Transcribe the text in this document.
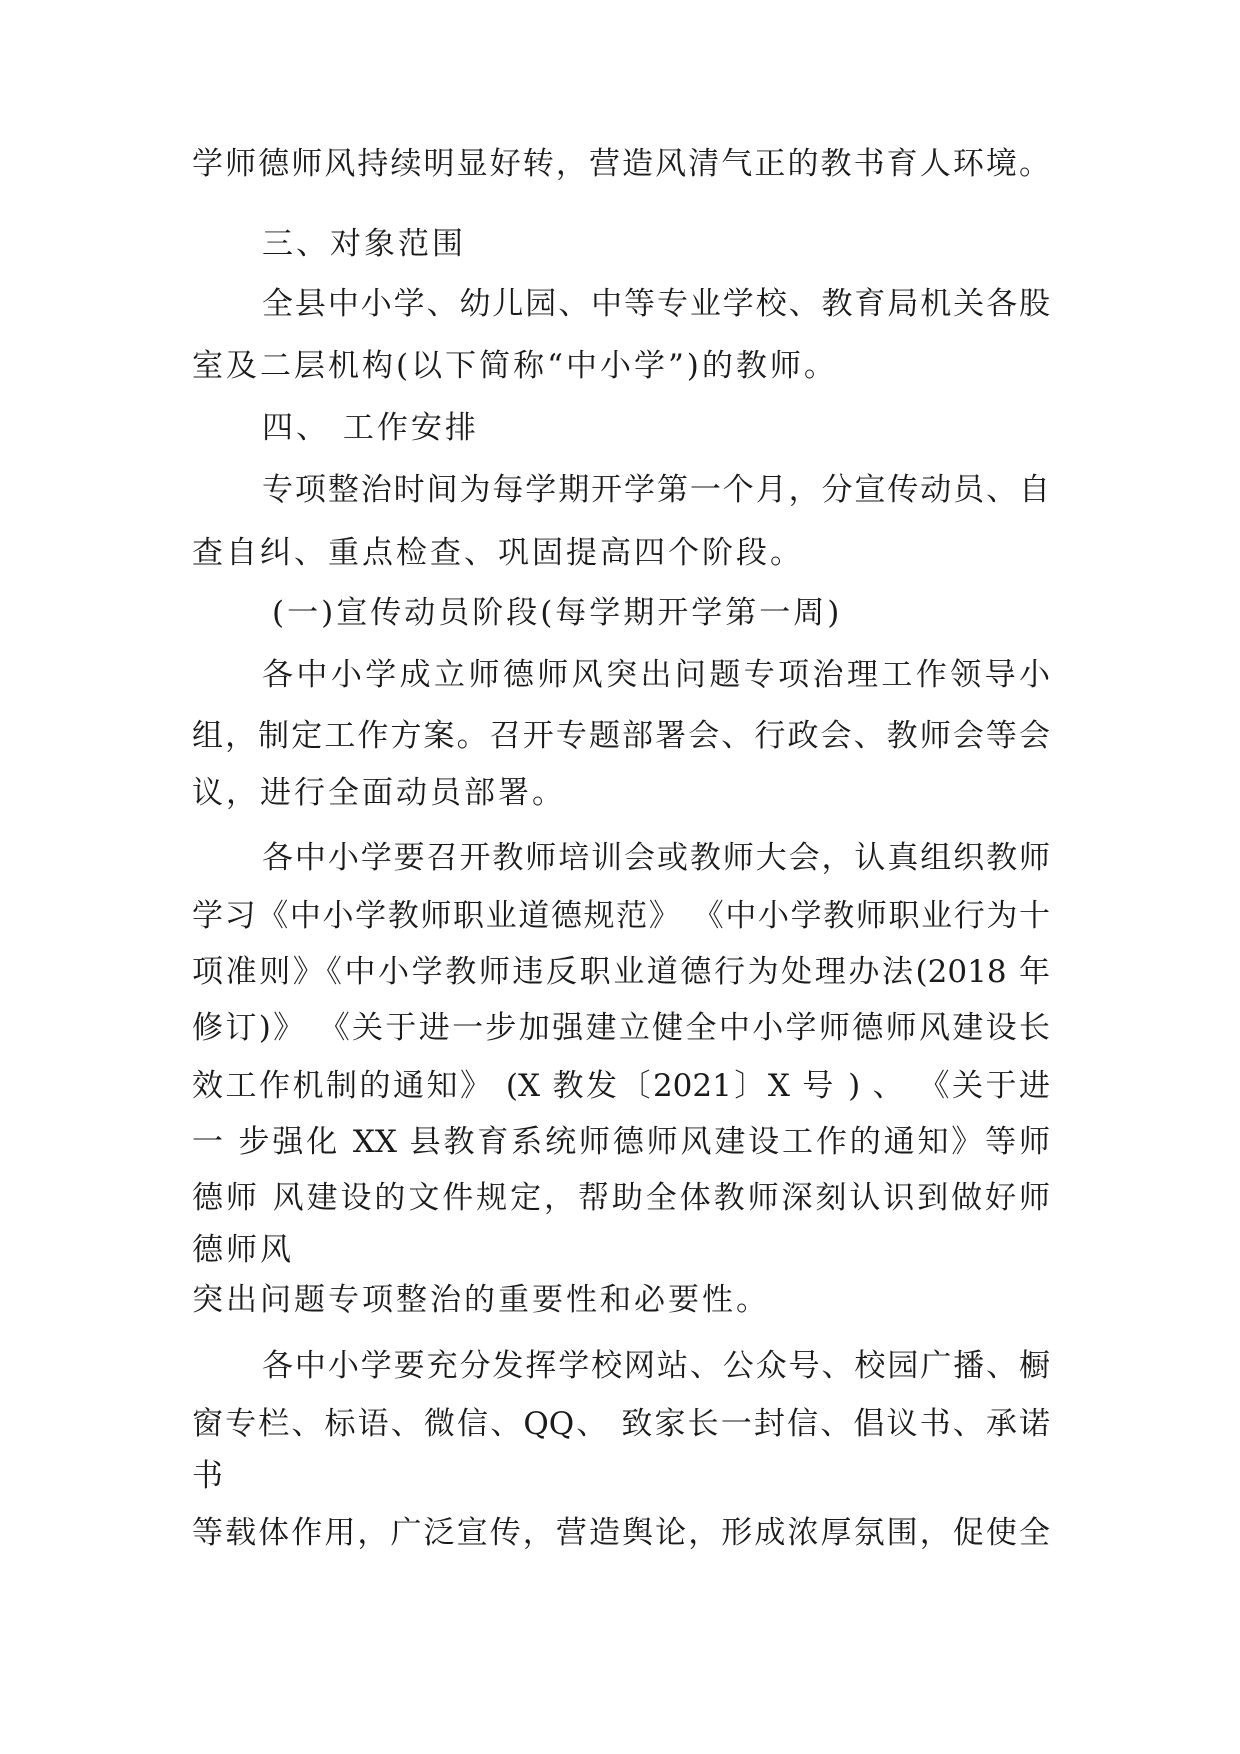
学师德师风持续明显好转，营造风清气正的教书育人环境。
三、对象范围
全县中小学、幼儿园、中等专业学校、教育局机关各股
室及二层机构(以下简称“中小学”)的教师。
四、 工作安排
专项整治时间为每学期开学第一个月，分宣传动员、自
查自纠、重点检查、巩固提高四个阶段。
(一)宣传动员阶段(每学期开学第一周)
各中小学成立师德师风突出问题专项治理工作领导小
组，制定工作方案。召开专题部署会、行政会、教师会等会
议，进行全面动员部署。
各中小学要召开教师培训会或教师大会，认真组织教师
学习《中小学教师职业道德规范》 《中小学教师职业行为十
项准则》《中小学教师违反职业道德行为处理办法(2018 年
修订)》 《关于进一步加强建立健全中小学师德师风建设长
效工作机制的通知》 (X 教发〔2021〕X 号 ) 、 《关于进
一 步强化 XX 县教育系统师德师风建设工作的通知》等师
德师 风建设的文件规定，帮助全体教师深刻认识到做好师
德师风
突出问题专项整治的重要性和必要性。
各中小学要充分发挥学校网站、公众号、校园广播、橱
窗专栏、标语、微信、QQ、 致家长一封信、倡议书、承诺
书
等载体作用，广泛宣传，营造舆论，形成浓厚氛围，促使全
